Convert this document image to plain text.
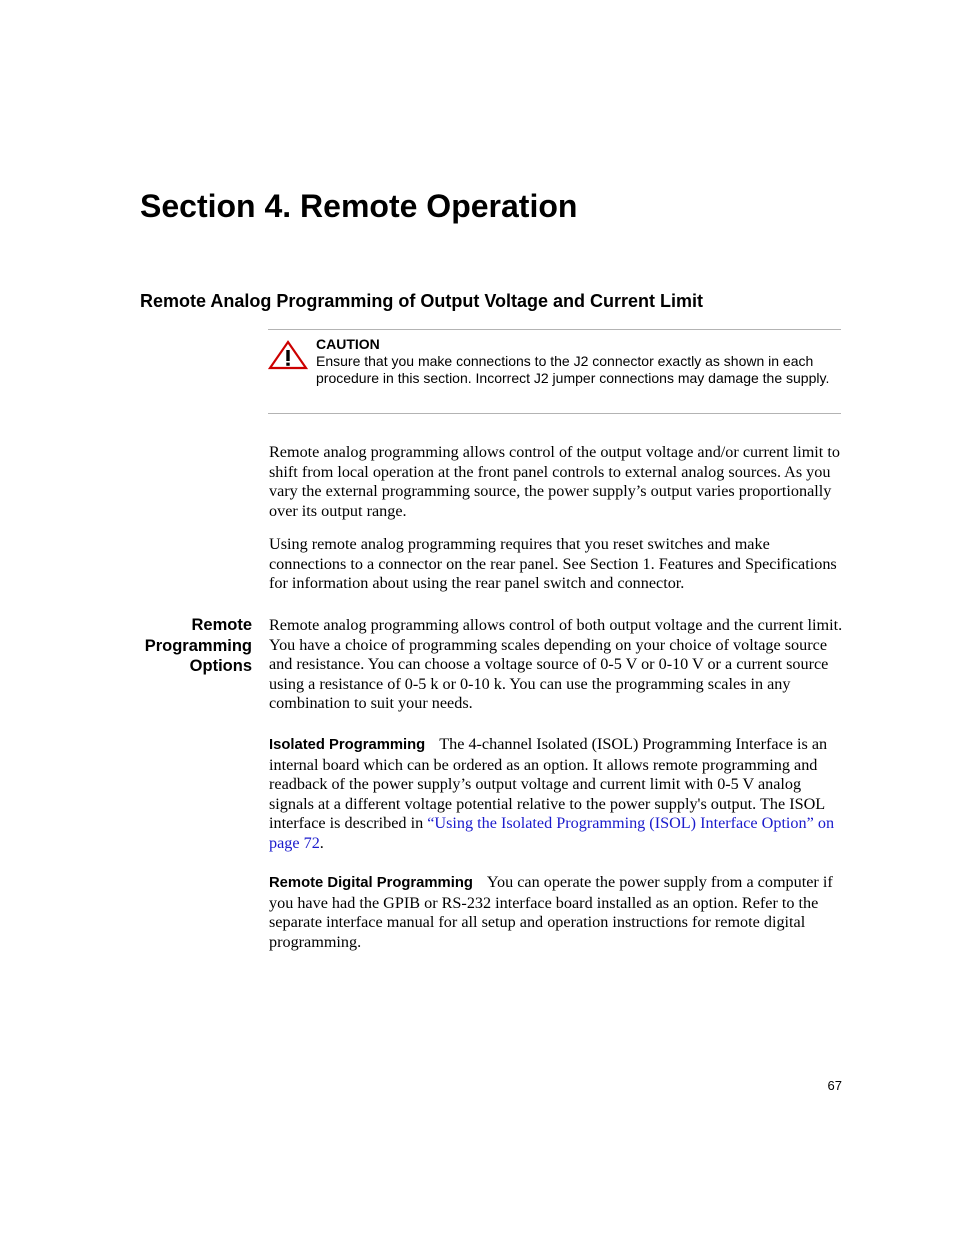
Section 4. Remote Operation
Remote Analog Programming of Output Voltage and Current Limit
CAUTION
Ensure that you make connections to the J2 connector exactly as shown in each procedure in this section. Incorrect J2 jumper connections may damage the supply.

Remote analog programming allows control of the output voltage and/or current limit to shift from local operation at the front panel controls to external analog sources. As you vary the external programming source, the power supply’s output varies proportionally over its output range.

Using remote analog programming requires that you reset switches and make connections to a connector on the rear panel. See Section 1. Features and Specifications for information about using the rear panel switch and connector.

Remote
Programming
Options

Remote analog programming allows control of both output voltage and the current limit. You have a choice of programming scales depending on your choice of voltage source and resistance. You can choose a voltage source of 0-5 V or 0-10 V or a current source using a resistance of 0-5 k or 0-10 k. You can use the programming scales in any combination to suit your needs.

Isolated Programming The 4-channel Isolated (ISOL) Programming Interface is an internal board which can be ordered as an option. It allows remote programming and readback of the power supply’s output voltage and current limit with 0-5 V analog signals at a different voltage potential relative to the power supply's output. The ISOL interface is described in “Using the Isolated Programming (ISOL) Interface Option” on page 72.

Remote Digital Programming You can operate the power supply from a computer if you have had the GPIB or RS-232 interface board installed as an option. Refer to the separate interface manual for all setup and operation instructions for remote digital programming.

67
